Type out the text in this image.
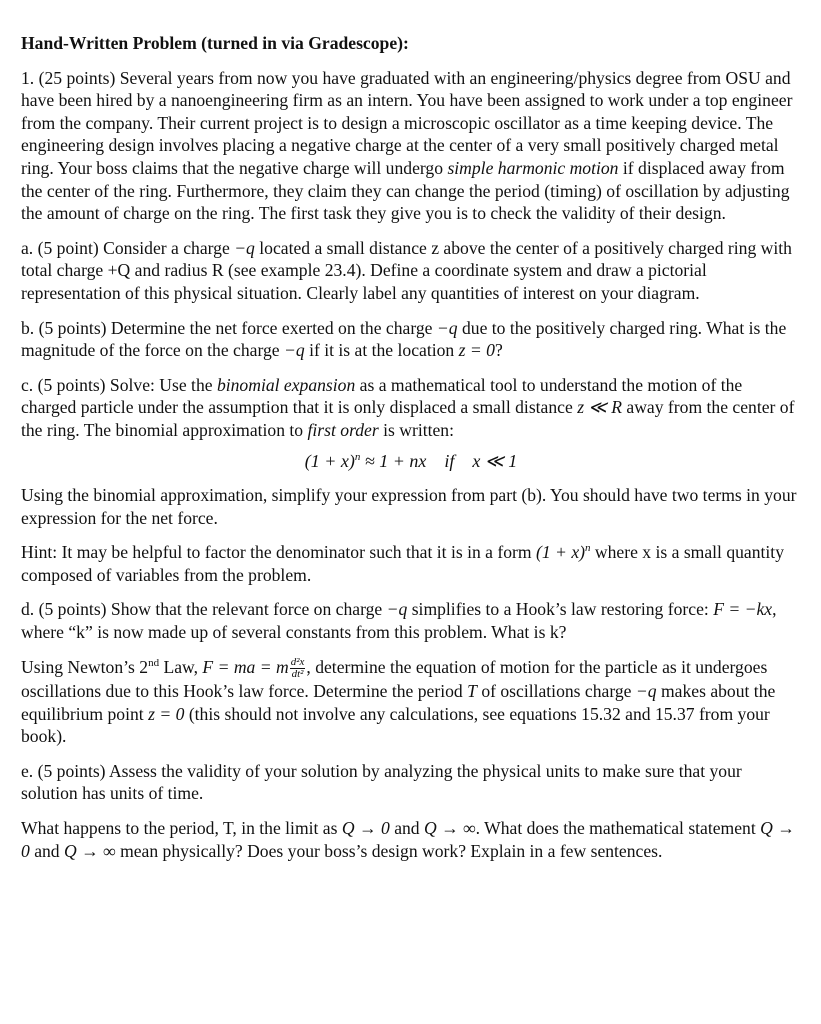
Hand-Written Problem (turned in via Gradescope):

1. (25 points) Several years from now you have graduated with an engineering/physics degree from OSU and have been hired by a nanoengineering firm as an intern. You have been assigned to work under a top engineer from the company. Their current project is to design a microscopic oscillator as a time keeping device. The engineering design involves placing a negative charge at the center of a very small positively charged metal ring. Your boss claims that the negative charge will undergo simple harmonic motion if displaced away from the center of the ring. Furthermore, they claim they can change the period (timing) of oscillation by adjusting the amount of charge on the ring. The first task they give you is to check the validity of their design.

a. (5 point) Consider a charge −q located a small distance z above the center of a positively charged ring with total charge +Q and radius R (see example 23.4). Define a coordinate system and draw a pictorial representation of this physical situation. Clearly label any quantities of interest on your diagram.

b. (5 points) Determine the net force exerted on the charge −q due to the positively charged ring. What is the magnitude of the force on the charge −q if it is at the location z = 0?

c. (5 points) Solve: Use the binomial expansion as a mathematical tool to understand the motion of the charged particle under the assumption that it is only displaced a small distance z ≪ R away from the center of the ring. The binomial approximation to first order is written:

$(1 + x)^n \approx 1$ + nx if x ≪ 1

Using the binomial approximation, simplify your expression from part (b). You should have two terms in your expression for the net force.

Hint: It may be helpful to factor the denominator such that it is in a form $(1 + x)^n$ where x is a small quantity composed of variables from the problem.

d. (5 points) Show that the relevant force on charge −q simplifies to a Hook’s law restoring force: F = −kx, where “k” is now made up of several constants from this problem. What is k?

Using Newton’s 2nd Law, F = ma = m $\frac{\text{d²x}}{\text{dt²}}$ , determine the equation of motion for the particle as it undergoes oscillations due to this Hook’s law force. Determine the period T of oscillations charge −q makes about the equilibrium point z = 0 (this should not involve any calculations, see equations 15.32 and 15.37 from your book).

e. (5 points) Assess the validity of your solution by analyzing the physical units to make sure that your solution has units of time.

What happens to the period, T, in the limit as Q → 0 and Q → ∞. What does the mathematical statement Q → 0 and Q → ∞ mean physically? Does your boss’s design work? Explain in a few sentences.
